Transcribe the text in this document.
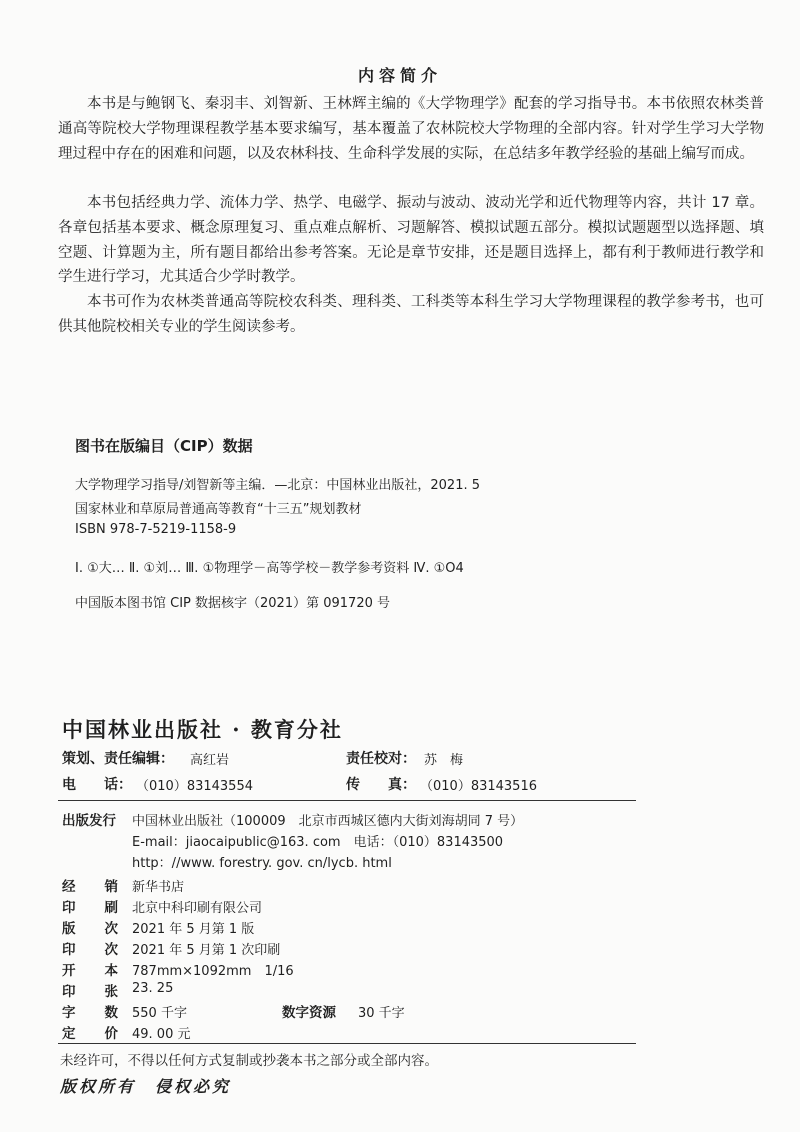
内容简介

本书是与鲍钢飞、秦羽丰、刘智新、王林辉主编的《大学物理学》配套的学习指导书。本书依照农林类普通高等院校大学物理课程教学基本要求编写，基本覆盖了农林院校大学物理的全部内容。针对学生学习大学物理过程中存在的困难和问题，以及农林科技、生命科学发展的实际，在总结多年教学经验的基础上编写而成。

本书包括经典力学、流体力学、热学、电磁学、振动与波动、波动光学和近代物理等内容，共计 17 章。各章包括基本要求、概念原理复习、重点难点解析、习题解答、模拟试题五部分。模拟试题题型以选择题、填空题、计算题为主，所有题目都给出参考答案。无论是章节安排，还是题目选择上，都有利于教师进行教学和学生进行学习，尤其适合少学时教学。

本书可作为农林类普通高等院校农科类、理科类、工科类等本科生学习大学物理课程的教学参考书，也可供其他院校相关专业的学生阅读参考。

图书在版编目（CIP）数据
大学物理学习指导/刘智新等主编．—北京：中国林业出版社，2021. 5
国家林业和草原局普通高等教育“十三五”规划教材
ISBN 978-7-5219-1158-9
Ⅰ. ①大… Ⅱ. ①刘… Ⅲ. ①物理学－高等学校－教学参考资料 Ⅳ. ①O4
中国版本图书馆 CIP 数据核字（2021）第 091720 号
中国林业出版社 · 教育分社
策划、责任编辑： 高红岩	责任校对： 苏　梅
电　　话： （010）83143554	传　　真： （010）83143516
出版发行 中国林业出版社（100009　北京市西城区德内大街刘海胡同 7 号）
E-mail：jiaocaipublic@163. com　电话：（010）83143500
http：//www. forestry. gov. cn/lycb. html
经 销 新华书店
印 刷 北京中科印刷有限公司
版 次 2021 年 5 月第 1 版
印 次 2021 年 5 月第 1 次印刷
开 本 787mm×1092mm　1/16
印 张 23. 25
字 数 550 千字	数字资源 30 千字
定 价 49. 00 元
未经许可，不得以任何方式复制或抄袭本书之部分或全部内容。
版权所有　侵权必究
